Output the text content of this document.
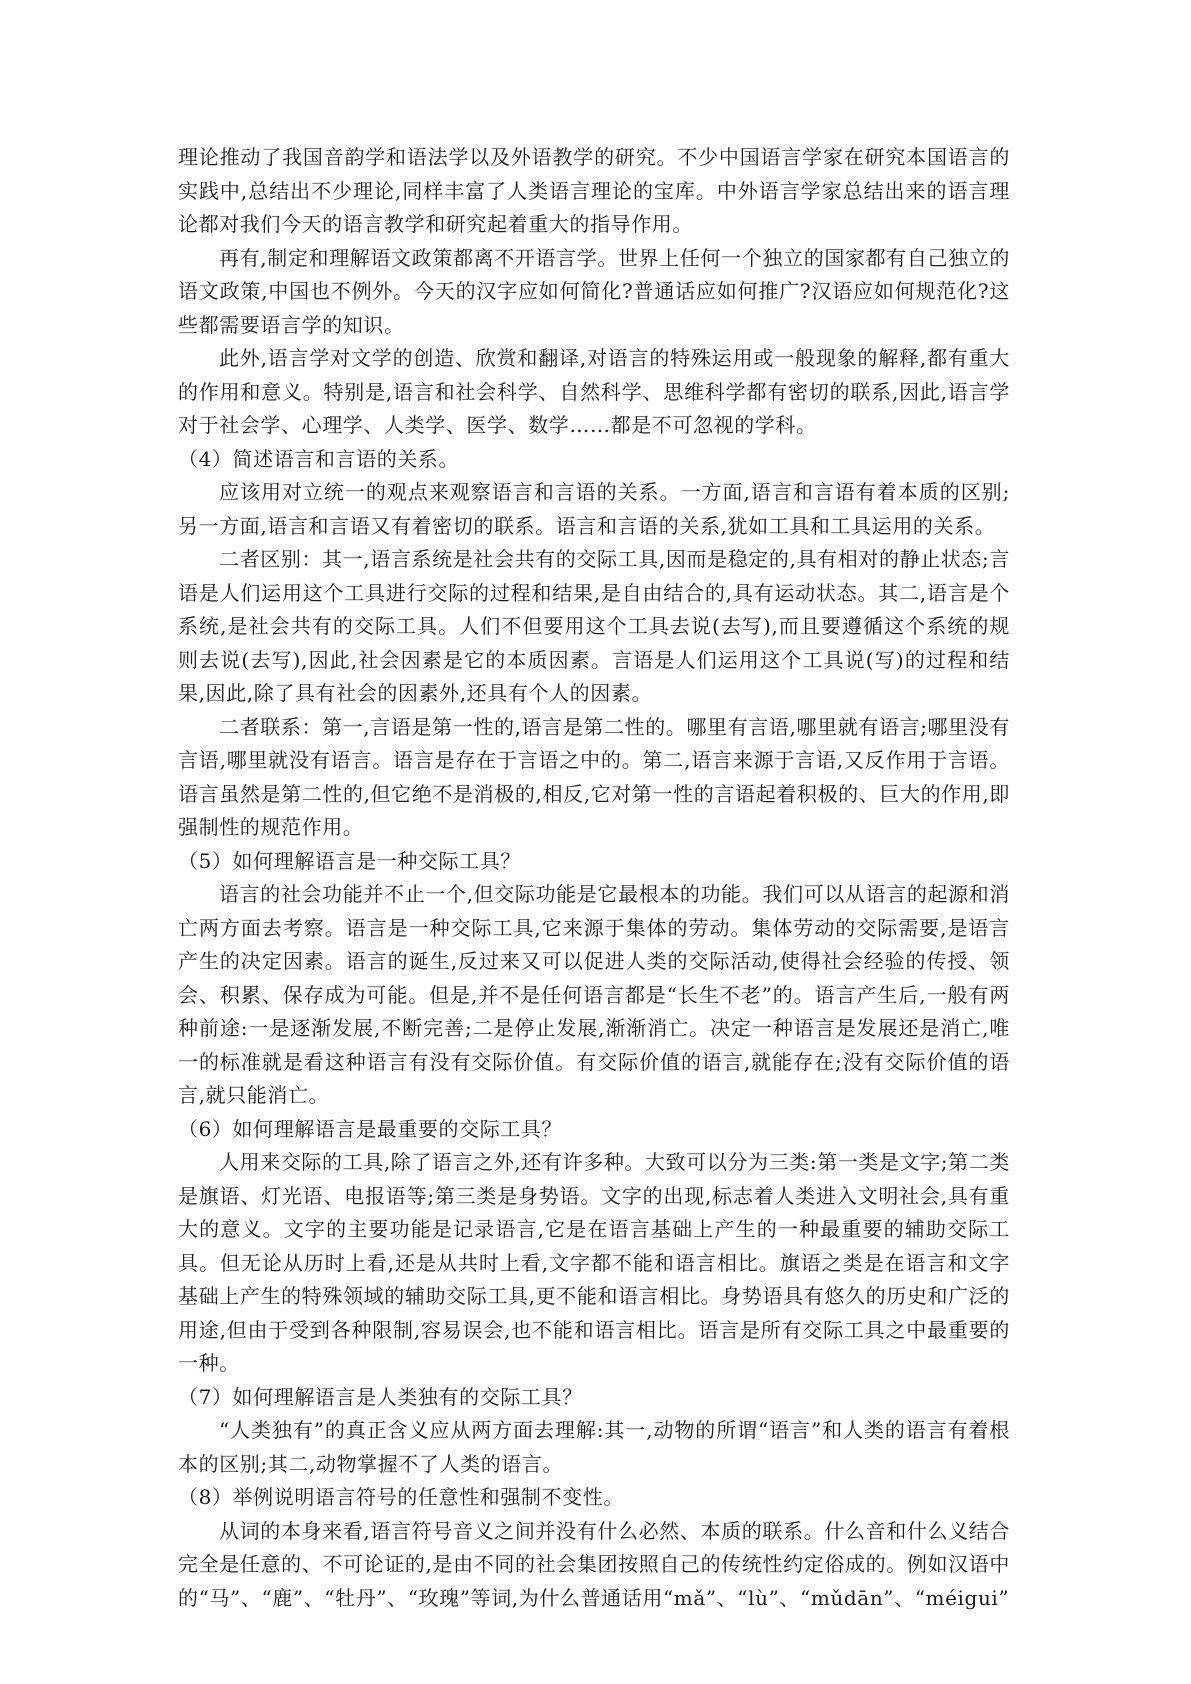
理论推动了我国音韵学和语法学以及外语教学的研究。不少中国语言学家在研究本国语言的实践中,总结出不少理论,同样丰富了人类语言理论的宝库。中外语言学家总结出来的语言理论都对我们今天的语言教学和研究起着重大的指导作用。

再有,制定和理解语文政策都离不开语言学。世界上任何一个独立的国家都有自己独立的语文政策,中国也不例外。今天的汉字应如何简化?普通话应如何推广?汉语应如何规范化?这些都需要语言学的知识。

此外,语言学对文学的创造、欣赏和翻译,对语言的特殊运用或一般现象的解释,都有重大的作用和意义。特别是,语言和社会科学、自然科学、思维科学都有密切的联系,因此,语言学对于社会学、心理学、人类学、医学、数学……都是不可忽视的学科。

（4）简述语言和言语的关系。

应该用对立统一的观点来观察语言和言语的关系。一方面,语言和言语有着本质的区别;另一方面,语言和言语又有着密切的联系。语言和言语的关系,犹如工具和工具运用的关系。

二者区别：其一,语言系统是社会共有的交际工具,因而是稳定的,具有相对的静止状态;言语是人们运用这个工具进行交际的过程和结果,是自由结合的,具有运动状态。其二,语言是个系统,是社会共有的交际工具。人们不但要用这个工具去说(去写),而且要遵循这个系统的规则去说(去写),因此,社会因素是它的本质因素。言语是人们运用这个工具说(写)的过程和结果,因此,除了具有社会的因素外,还具有个人的因素。

二者联系：第一,言语是第一性的,语言是第二性的。哪里有言语,哪里就有语言;哪里没有言语,哪里就没有语言。语言是存在于言语之中的。第二,语言来源于言语,又反作用于言语。语言虽然是第二性的,但它绝不是消极的,相反,它对第一性的言语起着积极的、巨大的作用,即强制性的规范作用。

（5）如何理解语言是一种交际工具？

语言的社会功能并不止一个,但交际功能是它最根本的功能。我们可以从语言的起源和消亡两方面去考察。语言是一种交际工具,它来源于集体的劳动。集体劳动的交际需要,是语言产生的决定因素。语言的诞生,反过来又可以促进人类的交际活动,使得社会经验的传授、领会、积累、保存成为可能。但是,并不是任何语言都是“长生不老”的。语言产生后,一般有两种前途:一是逐渐发展,不断完善;二是停止发展,渐渐消亡。决定一种语言是发展还是消亡,唯一的标准就是看这种语言有没有交际价值。有交际价值的语言,就能存在;没有交际价值的语言,就只能消亡。

（6）如何理解语言是最重要的交际工具？

人用来交际的工具,除了语言之外,还有许多种。大致可以分为三类:第一类是文字;第二类是旗语、灯光语、电报语等;第三类是身势语。文字的出现,标志着人类进入文明社会,具有重大的意义。文字的主要功能是记录语言,它是在语言基础上产生的一种最重要的辅助交际工具。但无论从历时上看,还是从共时上看,文字都不能和语言相比。旗语之类是在语言和文字基础上产生的特殊领域的辅助交际工具,更不能和语言相比。身势语具有悠久的历史和广泛的用途,但由于受到各种限制,容易误会,也不能和语言相比。语言是所有交际工具之中最重要的一种。

（7）如何理解语言是人类独有的交际工具？

“人类独有”的真正含义应从两方面去理解:其一,动物的所谓“语言”和人类的语言有着根本的区别;其二,动物掌握不了人类的语言。

（8）举例说明语言符号的任意性和强制不变性。

从词的本身来看,语言符号音义之间并没有什么必然、本质的联系。什么音和什么义结合完全是任意的、不可论证的,是由不同的社会集团按照自己的传统性约定俗成的。例如汉语中的“马”、“鹿”、“牡丹”、“玫瑰”等词,为什么普通话用“mǎ”、“lù”、“mǔdān”、“méigui”
